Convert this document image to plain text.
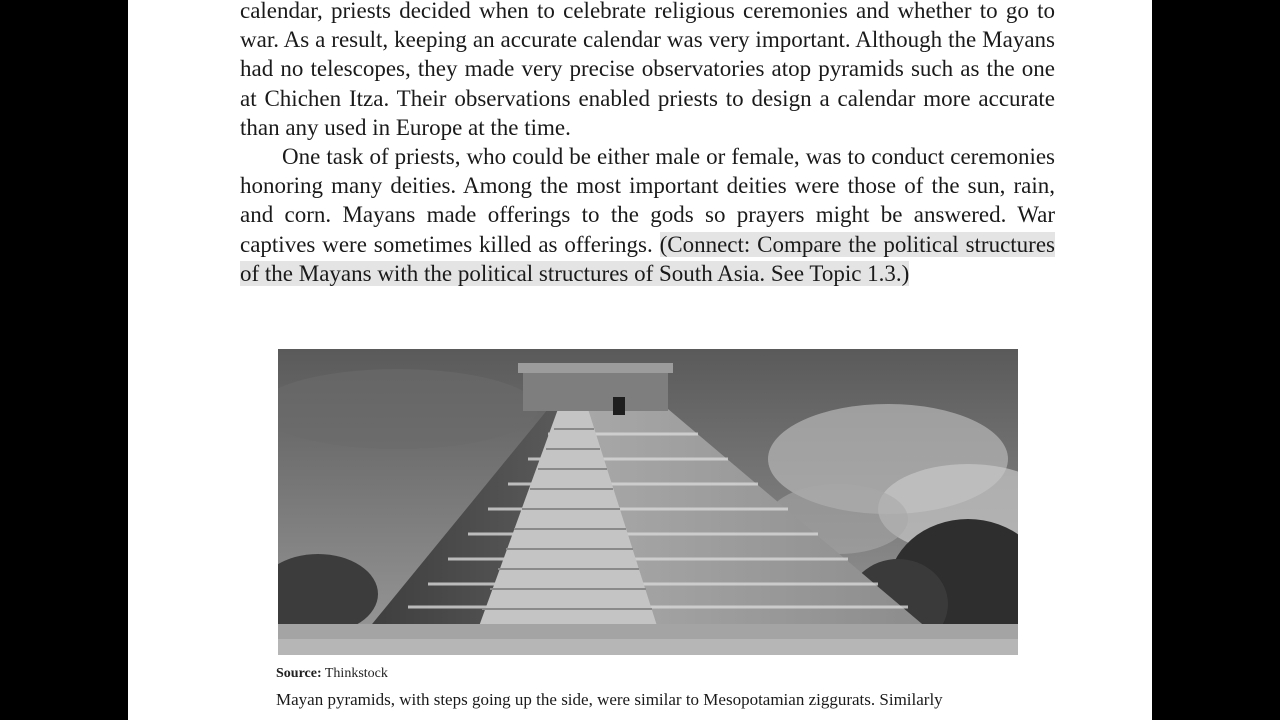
calendar, priests decided when to celebrate religious ceremonies and whether to go to war. As a result, keeping an accurate calendar was very important. Although the Mayans had no telescopes, they made very precise observatories atop pyramids such as the one at Chichen Itza. Their observations enabled priests to design a calendar more accurate than any used in Europe at the time.

One task of priests, who could be either male or female, was to conduct ceremonies honoring many deities. Among the most important deities were those of the sun, rain, and corn. Mayans made offerings to the gods so prayers might be answered. War captives were sometimes killed as offerings. (Connect: Compare the political structures of the Mayans with the political structures of South Asia. See Topic 1.3.)

Source: Thinkstock
Mayan pyramids, with steps going up the side, were similar to Mesopotamian ziggurats. Similarly
